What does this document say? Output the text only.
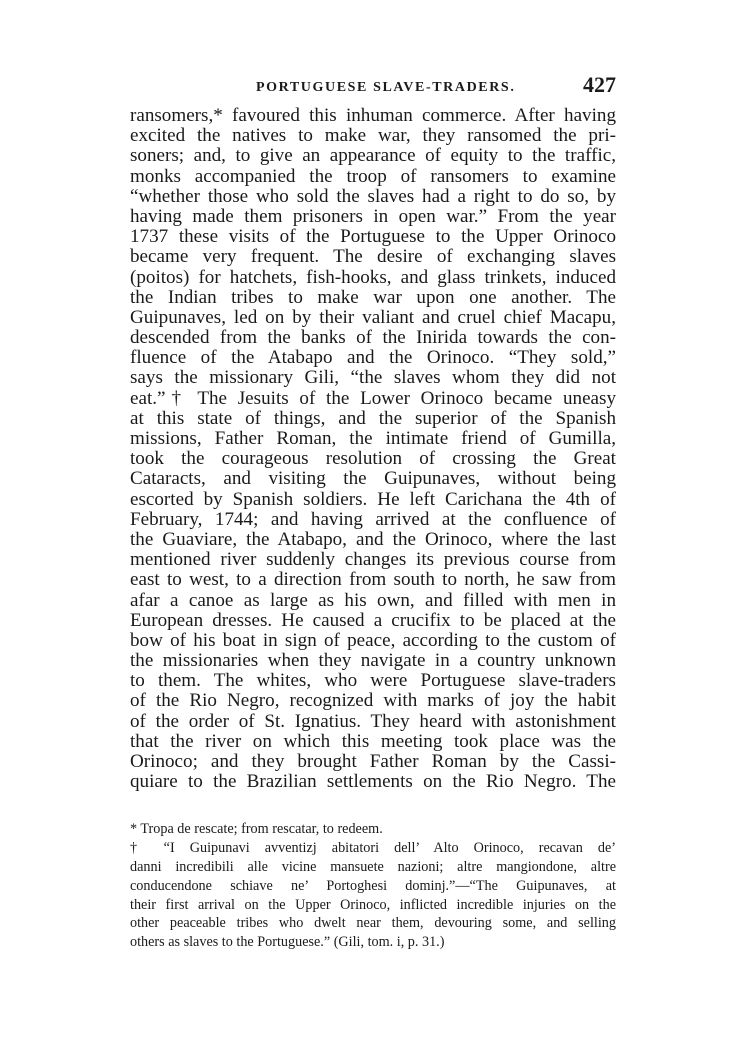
PORTUGUESE SLAVE-TRADERS.	427
ransomers,* favoured this inhuman commerce. After having
excited the natives to make war, they ransomed the pri-
soners; and, to give an appearance of equity to the traffic,
monks accompanied the troop of ransomers to examine
“whether those who sold the slaves had a right to do so, by
having made them prisoners in open war.” From the year
1737 these visits of the Portuguese to the Upper Orinoco
became very frequent. The desire of exchanging slaves
(poitos) for hatchets, fish-hooks, and glass trinkets, induced
the Indian tribes to make war upon one another. The
Guipunaves, led on by their valiant and cruel chief Macapu,
descended from the banks of the Inirida towards the con-
fluence of the Atabapo and the Orinoco. “They sold,”
says the missionary Gili, “the slaves whom they did not
eat.”† The Jesuits of the Lower Orinoco became uneasy
at this state of things, and the superior of the Spanish
missions, Father Roman, the intimate friend of Gumilla,
took the courageous resolution of crossing the Great
Cataracts, and visiting the Guipunaves, without being
escorted by Spanish soldiers. He left Carichana the 4th of
February, 1744; and having arrived at the confluence of
the Guaviare, the Atabapo, and the Orinoco, where the last
mentioned river suddenly changes its previous course from
east to west, to a direction from south to north, he saw from
afar a canoe as large as his own, and filled with men in
European dresses. He caused a crucifix to be placed at the
bow of his boat in sign of peace, according to the custom of
the missionaries when they navigate in a country unknown
to them. The whites, who were Portuguese slave-traders
of the Rio Negro, recognized with marks of joy the habit
of the order of St. Ignatius. They heard with astonishment
that the river on which this meeting took place was the
Orinoco; and they brought Father Roman by the Cassi-
quiare to the Brazilian settlements on the Rio Negro. The
* Tropa de rescate; from rescatar, to redeem.
† “I Guipunavi avventizj abitatori dell’ Alto Orinoco, recavan de’
danni incredibili alle vicine mansuete nazioni; altre mangiondone, altre
conducendone schiave ne’ Portoghesi dominj.”—“The Guipunaves, at
their first arrival on the Upper Orinoco, inflicted incredible injuries on the
other peaceable tribes who dwelt near them, devouring some, and selling
others as slaves to the Portuguese.” (Gili, tom. i, p. 31.)
